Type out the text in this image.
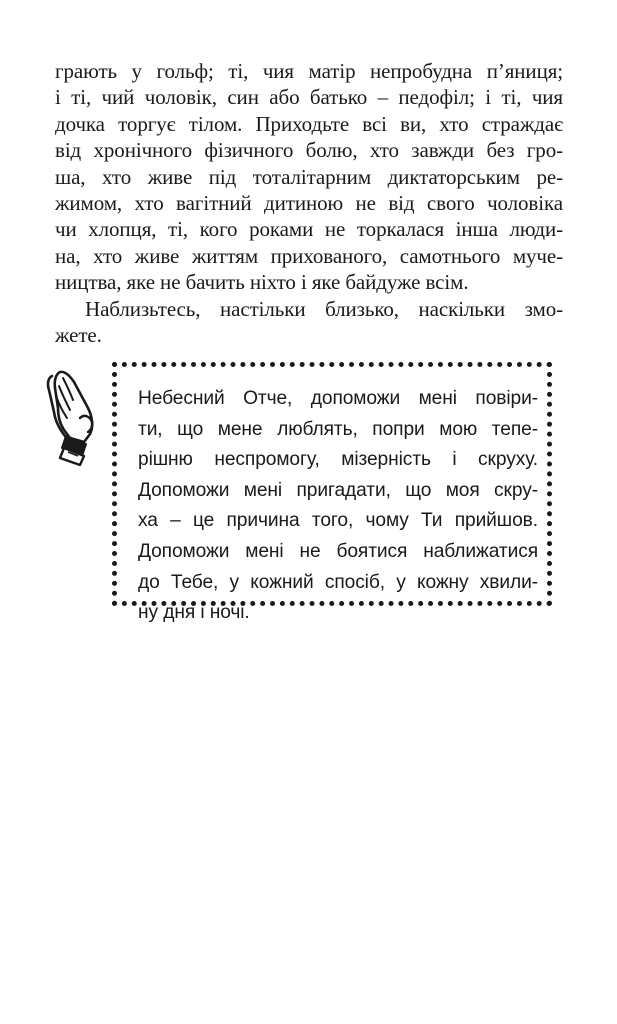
грають у гольф; ті, чия матір непробудна п’яниця;
і ті, чий чоловік, син або батько – педофіл; і ті, чия
дочка торгує тілом. Приходьте всі ви, хто страждає
від хронічного фізичного болю, хто завжди без гро-
ша, хто живе під тоталітарним диктаторським ре-
жимом, хто вагітний дитиною не від свого чоловіка
чи хлопця, ті, кого роками не торкалася інша люди-
на, хто живе життям прихованого, самотнього муче-
ництва, яке не бачить ніхто і яке байдуже всім.
Наблизьтесь, настільки близько, наскільки змо-
жете.
Небесний Отче, допоможи мені повіри-
ти, що мене люблять, попри мою тепе-
рішню неспромогу, мізерність і скруху.
Допоможи мені пригадати, що моя скру-
ха – це причина того, чому Ти прийшов.
Допоможи мені не боятися наближатися
до Тебе, у кожний спосіб, у кожну хвили-
ну дня і ночі.
